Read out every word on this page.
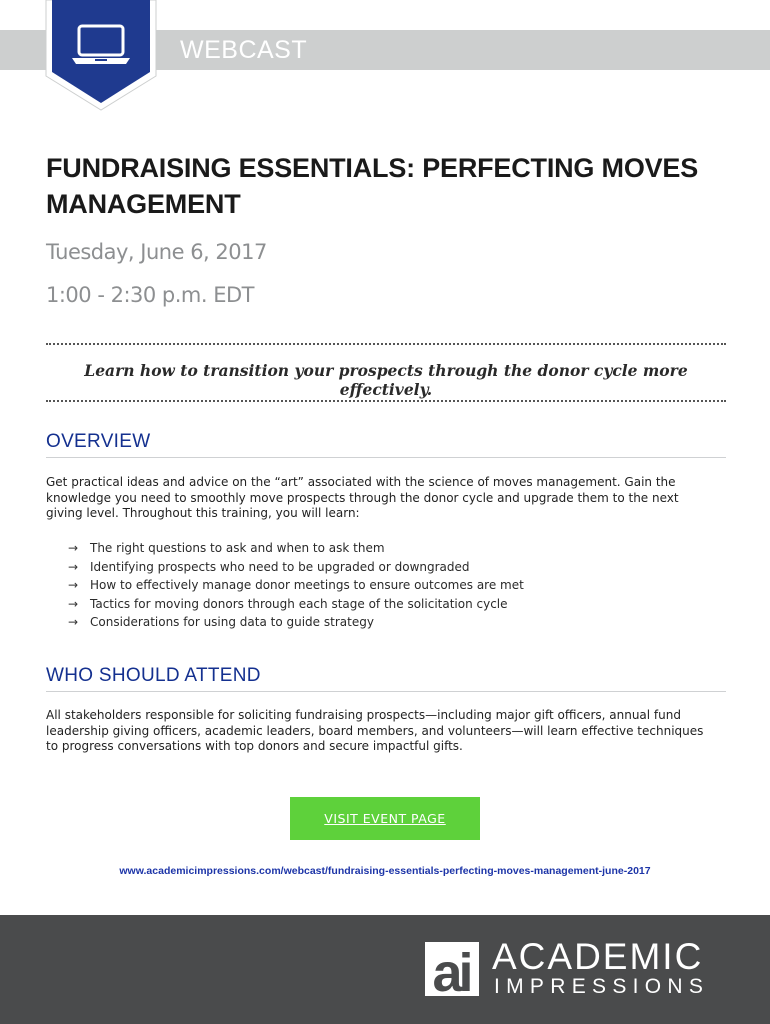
WEBCAST
FUNDRAISING ESSENTIALS: PERFECTING MOVES MANAGEMENT
Tuesday, June 6, 2017
1:00 - 2:30 p.m. EDT
Learn how to transition your prospects through the donor cycle more effectively.
OVERVIEW

Get practical ideas and advice on the “art” associated with the science of moves management. Gain the knowledge you need to smoothly move prospects through the donor cycle and upgrade them to the next giving level. Throughout this training, you will learn:

→ The right questions to ask and when to ask them
→ Identifying prospects who need to be upgraded or downgraded
→ How to effectively manage donor meetings to ensure outcomes are met
→ Tactics for moving donors through each stage of the solicitation cycle
→ Considerations for using data to guide strategy
WHO SHOULD ATTEND

All stakeholders responsible for soliciting fundraising prospects—including major gift officers, annual fund leadership giving officers, academic leaders, board members, and volunteers—will learn effective techniques to progress conversations with top donors and secure impactful gifts.

VISIT EVENT PAGE
www.academicimpressions.com/webcast/fundraising-essentials-perfecting-moves-management-june-2017
ai ACADEMIC
IMPRESSIONS
